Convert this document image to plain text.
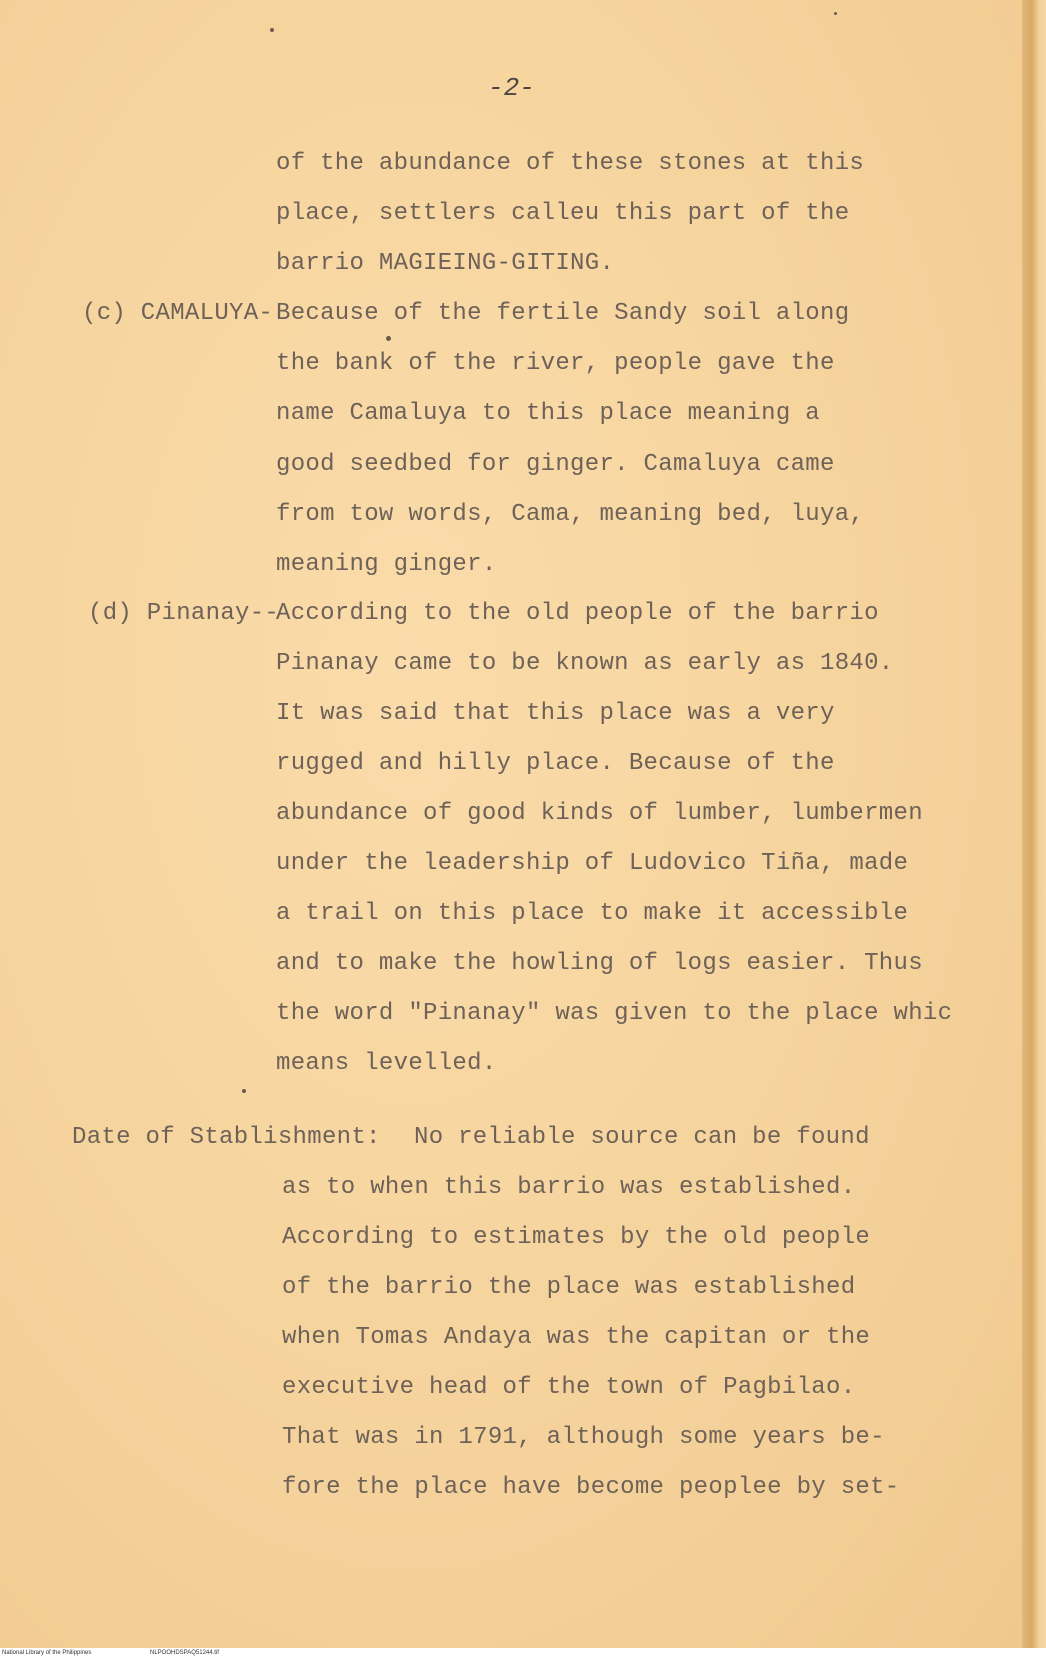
-2-
of the abundance of these stones at this
place, settlers calleu this part of the
barrio MAGIEING-GITING.
(c) CAMALUYA- Because of the fertile Sandy soil along
the bank of the river, people gave the
name Camaluya to this place meaning a
good seedbed for ginger. Camaluya came
from tow words, Cama, meaning bed, luya,
meaning ginger.
(d) Pinanay--
According to the old people of the barrio
Pinanay came to be known as early as 1840.
It was said that this place was a very
rugged and hilly place. Because of the
abundance of good kinds of lumber, lumbermen
under the leadership of Ludovico Tiña, made
a trail on this place to make it accessible
and to make the howling of logs easier. Thus
the word "Pinanay" was given to the place whic
means levelled.
Date of Stablishment: No reliable source can be found
as to when this barrio was established.
According to estimates by the old people
of the barrio the place was established
when Tomas Andaya was the capitan or the
executive head of the town of Pagbilao.
That was in 1791, although some years be-
fore the place have become peoplee by set-
National Library of the Philippines	NLPOOHDSPAQ51244.tif
